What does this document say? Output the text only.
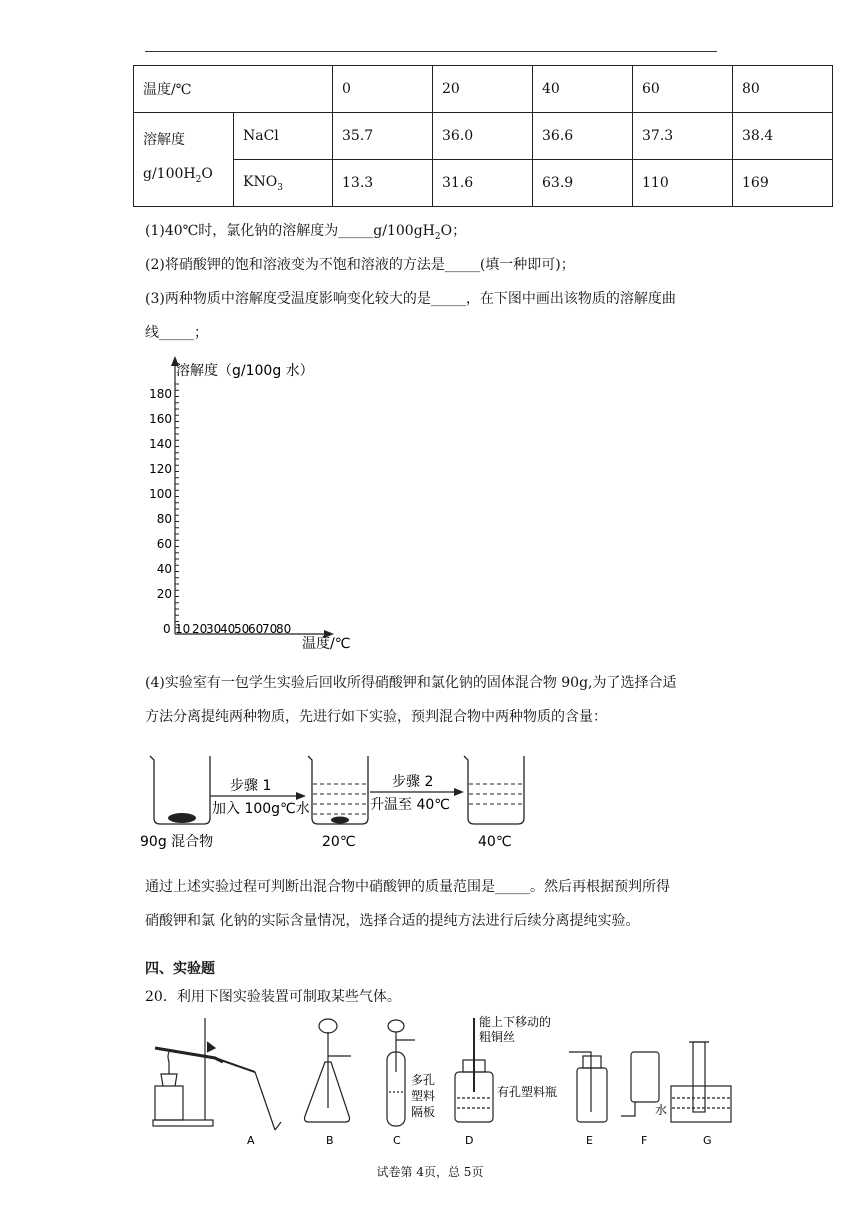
温度/℃		0	20	40	60	80
溶解度
$g/100H_2O$	NaCl	35.7	36.0	36.6	37.3	38.4
	$KNO_3$	13.3	31.6	63.9	110	169
(1)40℃时，氯化钠的溶解度为$\_\_\_\_\_g/100gH_2O$；
(2)将硝酸钾的饱和溶液变为不饱和溶液的方法是_____(填一种即可)；
(3)两种物质中溶解度受温度影响变化较大的是_____，在下图中画出该物质的溶解度曲
线_____；
180
160
140
120
100
80
60
40
20
0 10 20
30
40
50
60
70
80
溶解度（g/100g 水）
温度/℃
(4)实验室有一包学生实验后回收所得硝酸钾和氯化钠的固体混合物 90g,为了选择合适
方法分离提纯两种物质，先进行如下实验，预判混合物中两种物质的含量：
90g 混合物
步骤 1
加入 100g℃水
20℃
步骤 2
升温至 40℃
40℃
通过上述实验过程可判断出混合物中硝酸钾的质量范围是_____。然后再根据预判所得
硝酸钾和氯 化钠的实际含量情况，选择合适的提纯方法进行后续分离提纯实验。
四、实验题
20．利用下图实验装置可制取某些气体。
A	B
多孔
塑料
隔板
C
能上下移动的
粗铜丝
有孔塑料瓶
D	E
水
F	G
试卷第 4页，总 5页
